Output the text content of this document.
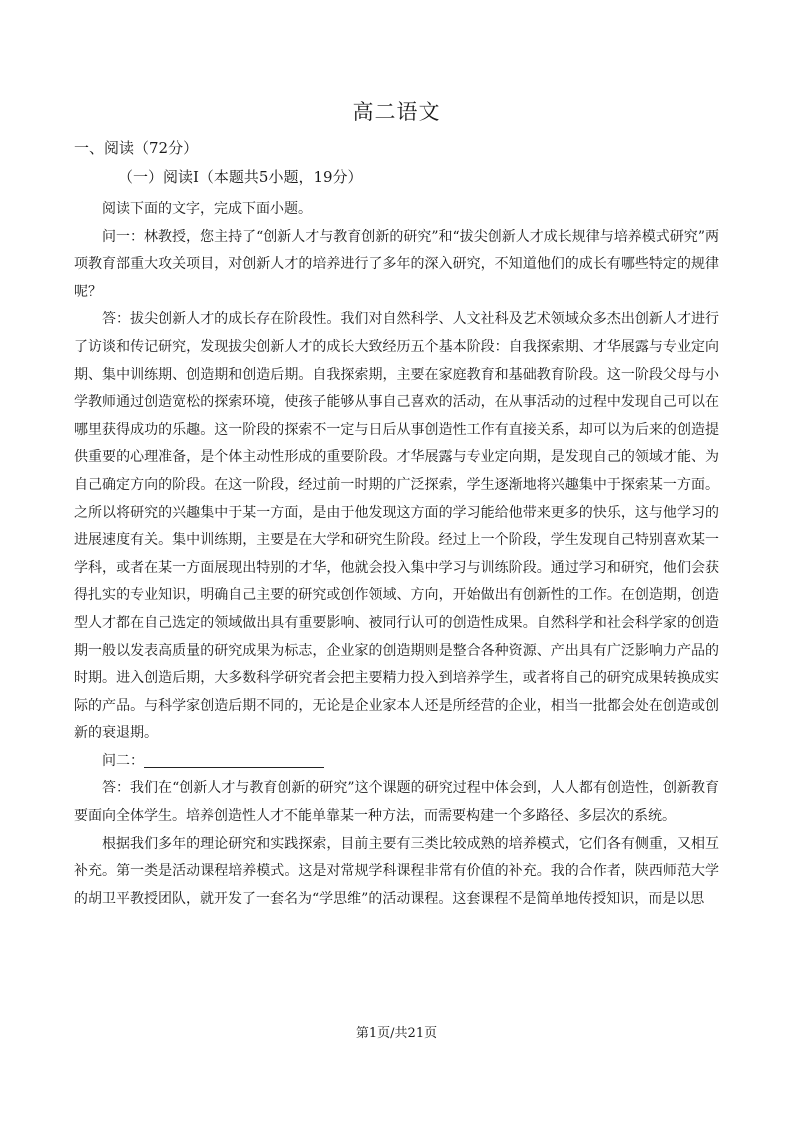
高二语文
一、阅读（72分）
（一）阅读Ⅰ（本题共5小题，19分）

阅读下面的文字，完成下面小题。

问一：林教授，您主持了“创新人才与教育创新的研究”和“拔尖创新人才成长规律与培养模式研究”两项教育部重大攻关项目，对创新人才的培养进行了多年的深入研究，不知道他们的成长有哪些特定的规律呢？

答：拔尖创新人才的成长存在阶段性。我们对自然科学、人文社科及艺术领域众多杰出创新人才进行了访谈和传记研究，发现拔尖创新人才的成长大致经历五个基本阶段：自我探索期、才华展露与专业定向期、集中训练期、创造期和创造后期。自我探索期，主要在家庭教育和基础教育阶段。这一阶段父母与小学教师通过创造宽松的探索环境，使孩子能够从事自己喜欢的活动，在从事活动的过程中发现自己可以在哪里获得成功的乐趣。这一阶段的探索不一定与日后从事创造性工作有直接关系，却可以为后来的创造提供重要的心理准备，是个体主动性形成的重要阶段。才华展露与专业定向期，是发现自己的领域才能、为自己确定方向的阶段。在这一阶段，经过前一时期的广泛探索，学生逐渐地将兴趣集中于探索某一方面。之所以将研究的兴趣集中于某一方面，是由于他发现这方面的学习能给他带来更多的快乐，这与他学习的进展速度有关。集中训练期，主要是在大学和研究生阶段。经过上一个阶段，学生发现自己特别喜欢某一学科，或者在某一方面展现出特别的才华，他就会投入集中学习与训练阶段。通过学习和研究，他们会获得扎实的专业知识，明确自己主要的研究或创作领域、方向，开始做出有创新性的工作。在创造期，创造型人才都在自己选定的领域做出具有重要影响、被同行认可的创造性成果。自然科学和社会科学家的创造期一般以发表高质量的研究成果为标志，企业家的创造期则是整合各种资源、产出具有广泛影响力产品的时期。进入创造后期，大多数科学研究者会把主要精力投入到培养学生，或者将自己的研究成果转换成实际的产品。与科学家创造后期不同的，无论是企业家本人还是所经营的企业，相当一批都会处在创造或创新的衰退期。

问二：

答：我们在“创新人才与教育创新的研究”这个课题的研究过程中体会到，人人都有创造性，创新教育要面向全体学生。培养创造性人才不能单靠某一种方法，而需要构建一个多路径、多层次的系统。

根据我们多年的理论研究和实践探索，目前主要有三类比较成熟的培养模式，它们各有侧重，又相互补充。第一类是活动课程培养模式。这是对常规学科课程非常有价值的补充。我的合作者，陕西师范大学的胡卫平教授团队，就开发了一套名为“学思维”的活动课程。这套课程不是简单地传授知识，而是以思

第1页/共21页
